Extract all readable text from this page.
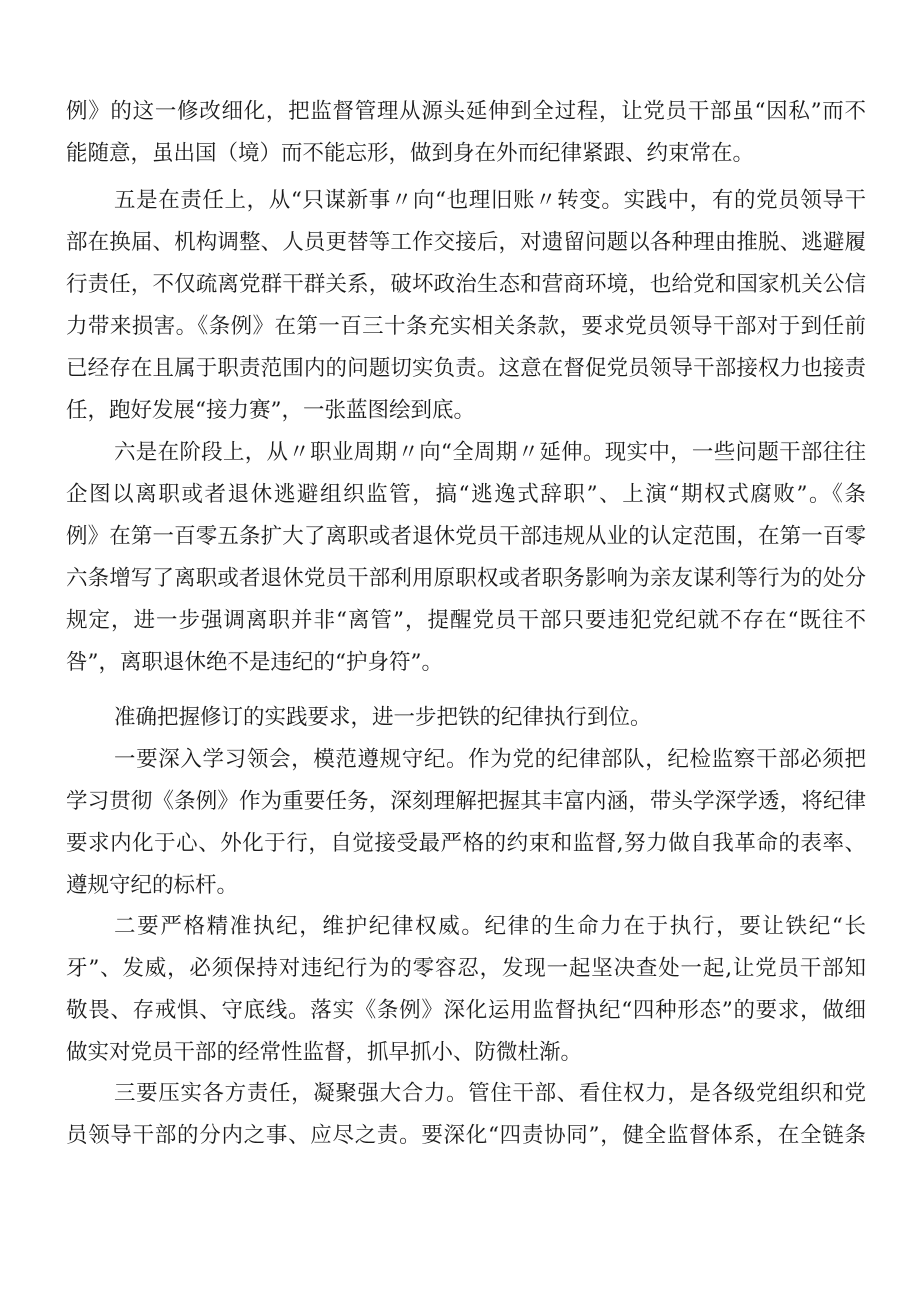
例》的这一修改细化，把监督管理从源头延伸到全过程，让党员干部虽“因私”而不
能随意，虽出国（境）而不能忘形，做到身在外而纪律紧跟、约束常在。
五是在责任上，从“只谋新事〃向“也理旧账〃转变。实践中，有的党员领导干
部在换届、机构调整、人员更替等工作交接后，对遗留问题以各种理由推脱、逃避履
行责任，不仅疏离党群干群关系，破坏政治生态和营商环境，也给党和国家机关公信
力带来损害。《条例》在第一百三十条充实相关条款，要求党员领导干部对于到任前
已经存在且属于职责范围内的问题切实负责。这意在督促党员领导干部接权力也接责
任，跑好发展“接力赛”，一张蓝图绘到底。
六是在阶段上，从〃职业周期〃向“全周期〃延伸。现实中，一些问题干部往往
企图以离职或者退休逃避组织监管，搞“逃逸式辞职”、上演“期权式腐败”。《条
例》在第一百零五条扩大了离职或者退休党员干部违规从业的认定范围，在第一百零
六条增写了离职或者退休党员干部利用原职权或者职务影响为亲友谋利等行为的处分
规定，进一步强调离职并非“离管”，提醒党员干部只要违犯党纪就不存在“既往不
咎”，离职退休绝不是违纪的“护身符”。
准确把握修订的实践要求，进一步把铁的纪律执行到位。
一要深入学习领会，模范遵规守纪。作为党的纪律部队，纪检监察干部必须把
学习贯彻《条例》作为重要任务，深刻理解把握其丰富内涵，带头学深学透，将纪律
要求内化于心、外化于行，自觉接受最严格的约束和监督,努力做自我革命的表率、
遵规守纪的标杆。
二要严格精准执纪，维护纪律权威。纪律的生命力在于执行，要让铁纪“长
牙”、发威，必须保持对违纪行为的零容忍，发现一起坚决查处一起,让党员干部知
敬畏、存戒惧、守底线。落实《条例》深化运用监督执纪“四种形态”的要求，做细
做实对党员干部的经常性监督，抓早抓小、防微杜渐。
三要压实各方责任，凝聚强大合力。管住干部、看住权力，是各级党组织和党
员领导干部的分内之事、应尽之责。要深化“四责协同”，健全监督体系，在全链条
